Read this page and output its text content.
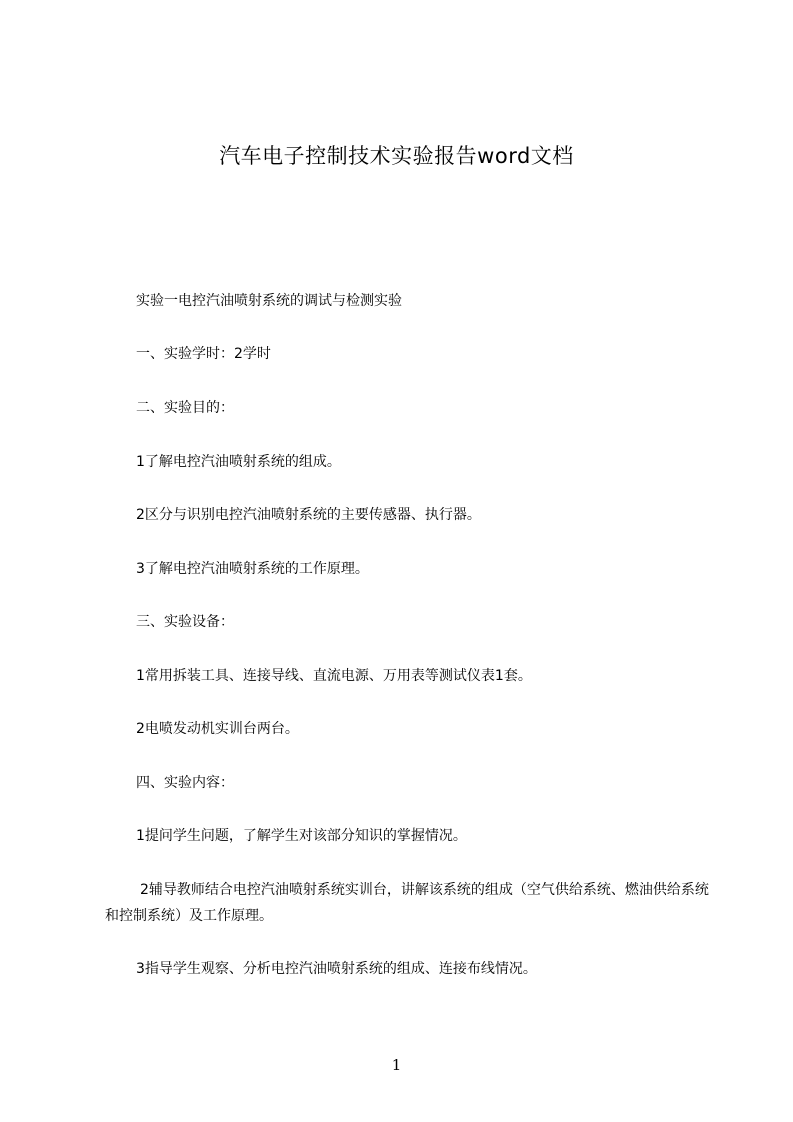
汽车电子控制技术实验报告word文档
实验一电控汽油喷射系统的调试与检测实验
一、实验学时：2学时
二、实验目的：
1了解电控汽油喷射系统的组成。
2区分与识别电控汽油喷射系统的主要传感器、执行器。
3了解电控汽油喷射系统的工作原理。
三、实验设备：
1常用拆装工具、连接导线、直流电源、万用表等测试仪表1套。
2电喷发动机实训台两台。
四、实验内容：
1提问学生问题，了解学生对该部分知识的掌握情况。
2辅导教师结合电控汽油喷射系统实训台，讲解该系统的组成（空气供给系统、燃油供给系统和控制系统）及工作原理。
3指导学生观察、分析电控汽油喷射系统的组成、连接布线情况。
1
